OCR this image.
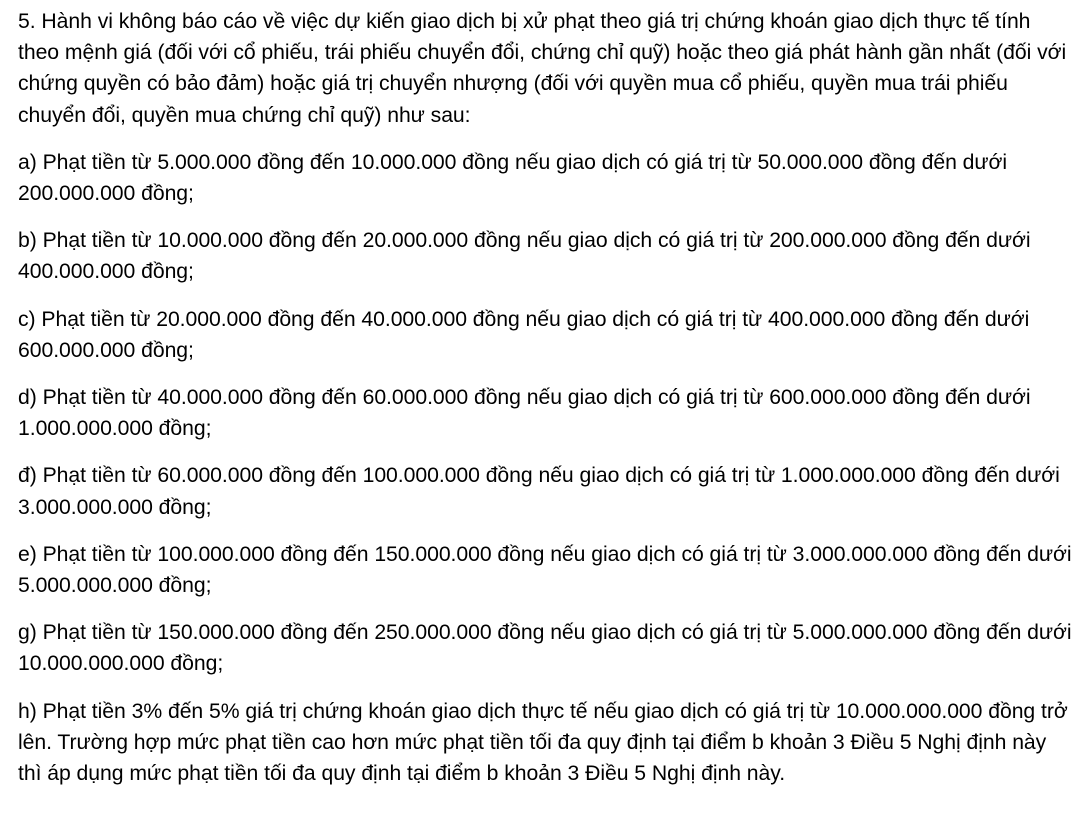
5. Hành vi không báo cáo về việc dự kiến giao dịch bị xử phạt theo giá trị chứng khoán giao dịch thực tế tính theo mệnh giá (đối với cổ phiếu, trái phiếu chuyển đổi, chứng chỉ quỹ) hoặc theo giá phát hành gần nhất (đối với chứng quyền có bảo đảm) hoặc giá trị chuyển nhượng (đối với quyền mua cổ phiếu, quyền mua trái phiếu chuyển đổi, quyền mua chứng chỉ quỹ) như sau:

a) Phạt tiền từ 5.000.000 đồng đến 10.000.000 đồng nếu giao dịch có giá trị từ 50.000.000 đồng đến dưới 200.000.000 đồng;

b) Phạt tiền từ 10.000.000 đồng đến 20.000.000 đồng nếu giao dịch có giá trị từ 200.000.000 đồng đến dưới 400.000.000 đồng;

c) Phạt tiền từ 20.000.000 đồng đến 40.000.000 đồng nếu giao dịch có giá trị từ 400.000.000 đồng đến dưới 600.000.000 đồng;

d) Phạt tiền từ 40.000.000 đồng đến 60.000.000 đồng nếu giao dịch có giá trị từ 600.000.000 đồng đến dưới 1.000.000.000 đồng;

đ) Phạt tiền từ 60.000.000 đồng đến 100.000.000 đồng nếu giao dịch có giá trị từ 1.000.000.000 đồng đến dưới 3.000.000.000 đồng;

e) Phạt tiền từ 100.000.000 đồng đến 150.000.000 đồng nếu giao dịch có giá trị từ 3.000.000.000 đồng đến dưới 5.000.000.000 đồng;

g) Phạt tiền từ 150.000.000 đồng đến 250.000.000 đồng nếu giao dịch có giá trị từ 5.000.000.000 đồng đến dưới 10.000.000.000 đồng;

h) Phạt tiền 3% đến 5% giá trị chứng khoán giao dịch thực tế nếu giao dịch có giá trị từ 10.000.000.000 đồng trở lên. Trường hợp mức phạt tiền cao hơn mức phạt tiền tối đa quy định tại điểm b khoản 3 Điều 5 Nghị định này thì áp dụng mức phạt tiền tối đa quy định tại điểm b khoản 3 Điều 5 Nghị định này.
